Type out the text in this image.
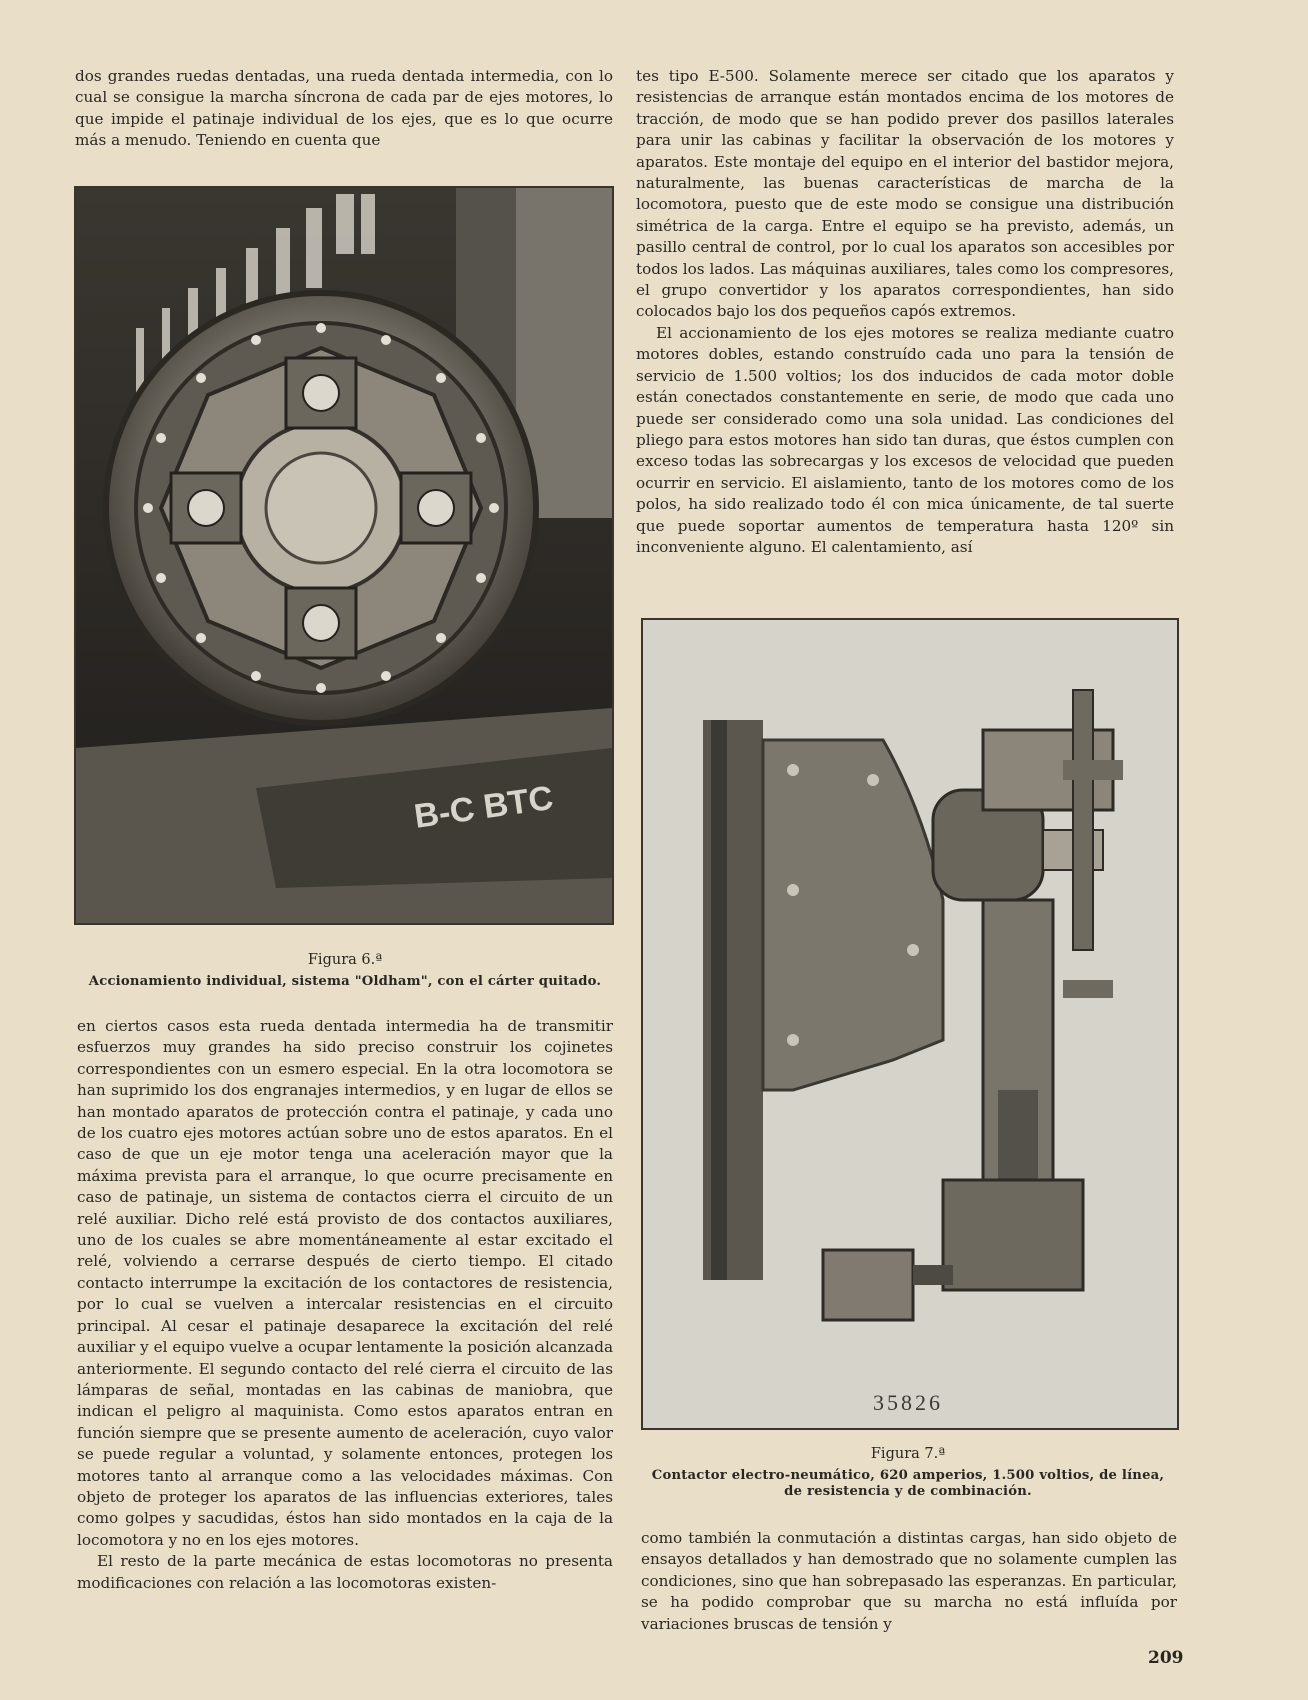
dos grandes ruedas dentadas, una rueda dentada intermedia, con lo cual se consigue la marcha síncrona de cada par de ejes motores, lo que impide el patinaje individual de los ejes, que es lo que ocurre más a menudo. Teniendo en cuenta que

B-C BTC
Figura 6.ª
Accionamiento individual, sistema "Oldham", con el cárter quitado.

en ciertos casos esta rueda dentada intermedia ha de transmitir esfuerzos muy grandes ha sido preciso construir los cojinetes correspondientes con un esmero especial. En la otra locomotora se han suprimido los dos engranajes intermedios, y en lugar de ellos se han montado aparatos de protección contra el patinaje, y cada uno de los cuatro ejes motores actúan sobre uno de estos aparatos. En el caso de que un eje motor tenga una aceleración mayor que la máxima prevista para el arranque, lo que ocurre precisamente en caso de patinaje, un sistema de contactos cierra el circuito de un relé auxiliar. Dicho relé está provisto de dos contactos auxiliares, uno de los cuales se abre momentáneamente al estar excitado el relé, volviendo a cerrarse después de cierto tiempo. El citado contacto interrumpe la excitación de los contactores de resistencia, por lo cual se vuelven a intercalar resistencias en el circuito principal. Al cesar el patinaje desaparece la excitación del relé auxiliar y el equipo vuelve a ocupar lentamente la posición alcanzada anteriormente. El segundo contacto del relé cierra el circuito de las lámparas de señal, montadas en las cabinas de maniobra, que indican el peligro al maquinista. Como estos aparatos entran en función siempre que se presente aumento de aceleración, cuyo valor se puede regular a voluntad, y solamente entonces, protegen los motores tanto al arranque como a las velocidades máximas. Con objeto de proteger los aparatos de las influencias exteriores, tales como golpes y sacudidas, éstos han sido montados en la caja de la locomotora y no en los ejes motores.

El resto de la parte mecánica de estas locomotoras no presenta modificaciones con relación a las locomotoras existen-

tes tipo E-500. Solamente merece ser citado que los aparatos y resistencias de arranque están montados encima de los motores de tracción, de modo que se han podido prever dos pasillos laterales para unir las cabinas y facilitar la observación de los motores y aparatos. Este montaje del equipo en el interior del bastidor mejora, naturalmente, las buenas características de marcha de la locomotora, puesto que de este modo se consigue una distribución simétrica de la carga. Entre el equipo se ha previsto, además, un pasillo central de control, por lo cual los aparatos son accesibles por todos los lados. Las máquinas auxiliares, tales como los compresores, el grupo convertidor y los aparatos correspondientes, han sido colocados bajo los dos pequeños capós extremos.

El accionamiento de los ejes motores se realiza mediante cuatro motores dobles, estando construído cada uno para la tensión de servicio de 1.500 voltios; los dos inducidos de cada motor doble están conectados constantemente en serie, de modo que cada uno puede ser considerado como una sola unidad. Las condiciones del pliego para estos motores han sido tan duras, que éstos cumplen con exceso todas las sobrecargas y los excesos de velocidad que pueden ocurrir en servicio. El aislamiento, tanto de los motores como de los polos, ha sido realizado todo él con mica únicamente, de tal suerte que puede soportar aumentos de temperatura hasta 120º sin inconveniente alguno. El calentamiento, así

35826
Figura 7.ª
Contactor electro-neumático, 620 amperios, 1.500 voltios, de línea, de resistencia y de combinación.

como también la conmutación a distintas cargas, han sido objeto de ensayos detallados y han demostrado que no solamente cumplen las condiciones, sino que han sobrepasado las esperanzas. En particular, se ha podido comprobar que su marcha no está influída por variaciones bruscas de tensión y

209
